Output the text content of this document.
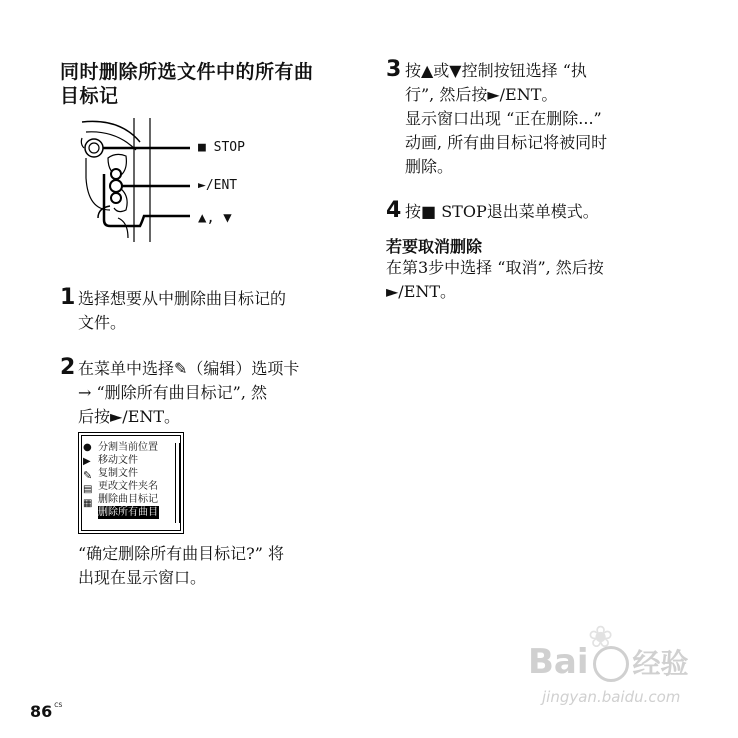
同时删除所选文件中的所有曲
目标记
■ STOP
►/ENT
▲, ▼
1 选择想要从中删除曲目标记的
文件。
2 在菜单中选择✎（编辑）选项卡
→ “删除所有曲目标记”, 然
后按►/ENT。
●
▶
✎
▤
▦
分割当前位置
移动文件
复制文件
更改文件夹名
删除曲目标记
删除所有曲目
“确定删除所有曲目标记?” 将
出现在显示窗口。
3 按▲或▼控制按钮选择 “执
行”, 然后按►/ENT。
显示窗口出现 “正在删除...”
动画, 所有曲目标记将被同时
删除。
4 按■ STOP退出菜单模式。
若要取消删除
在第3步中选择 “取消”, 然后按
►/ENT。
86 $^{CS}$
❀
Bai 经验
jingyan.baidu.com
